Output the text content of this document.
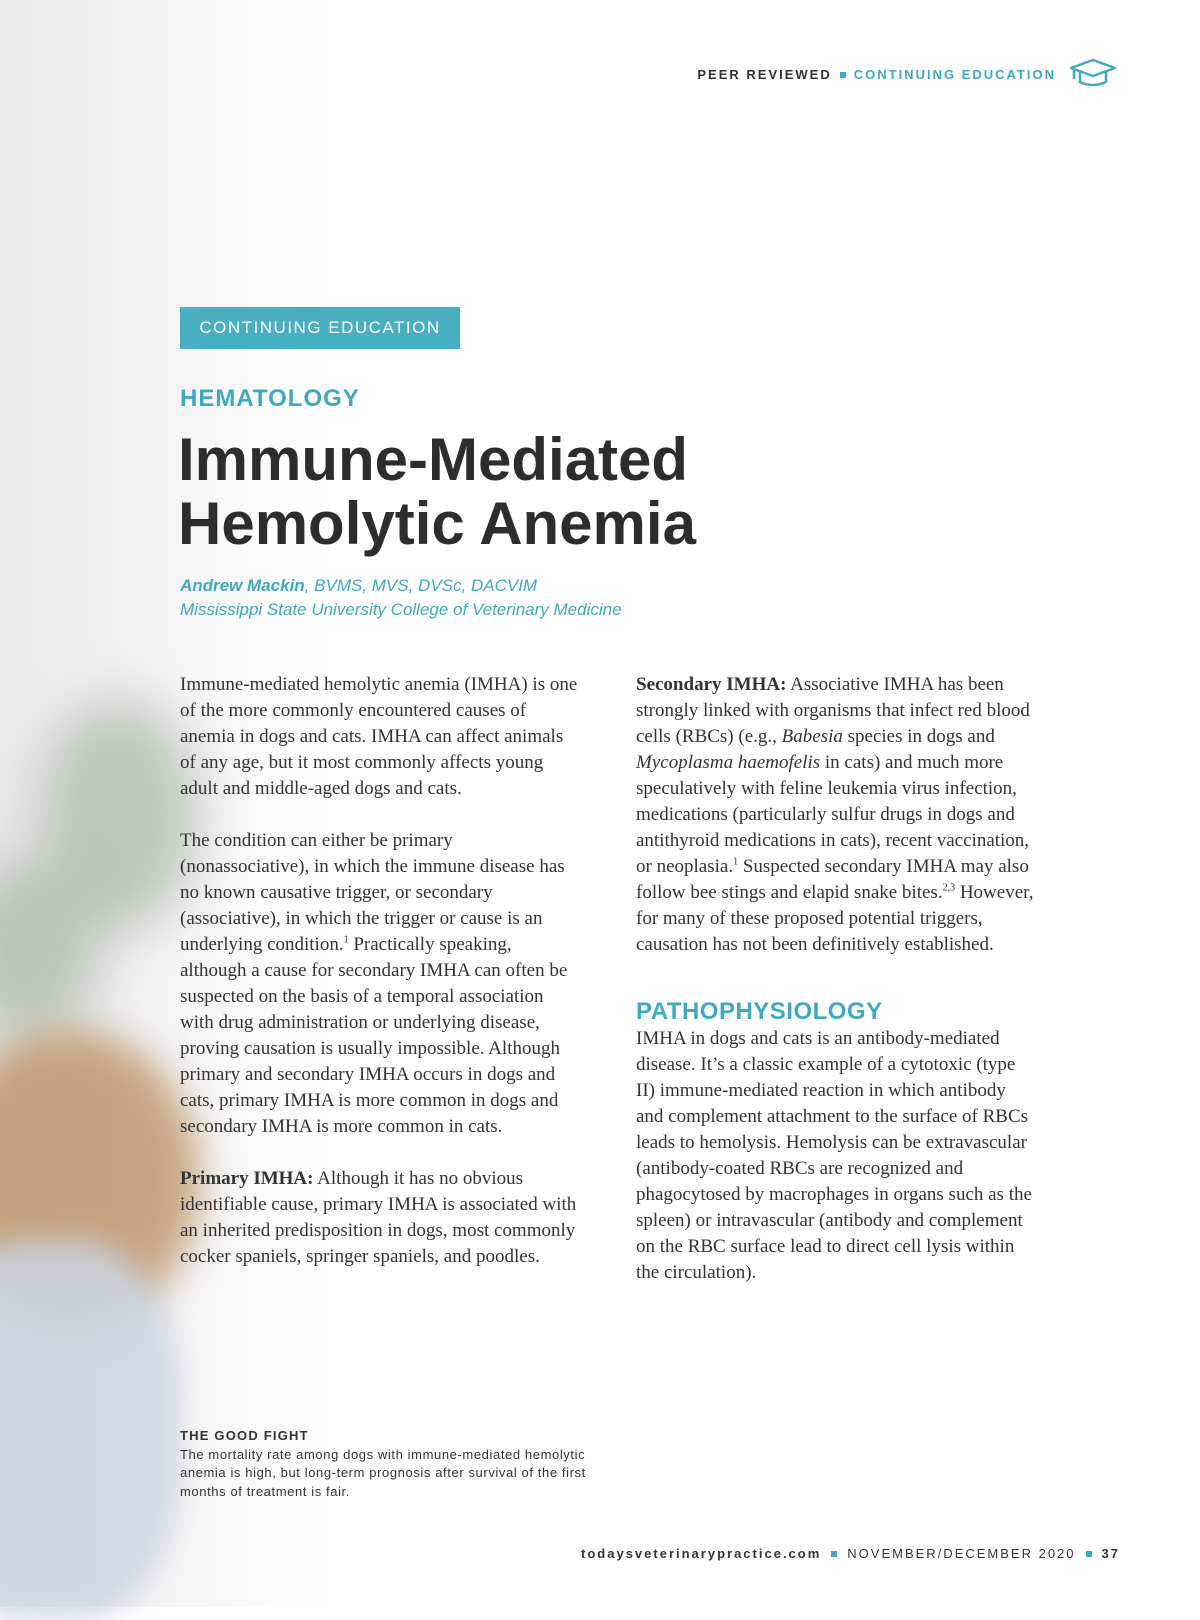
PEER REVIEWED CONTINUING EDUCATION
CONTINUING EDUCATION
HEMATOLOGY
Immune-Mediated
Hemolytic Anemia
Andrew Mackin, BVMS, MVS, DVSc, DACVIM
Mississippi State University College of Veterinary Medicine

Immune-mediated hemolytic anemia (IMHA) is one of the more commonly encountered causes of anemia in dogs and cats. IMHA can affect animals of any age, but it most commonly affects young adult and middle-aged dogs and cats.

The condition can either be primary (nonassociative), in which the immune disease has no known causative trigger, or secondary (associative), in which the trigger or cause is an underlying condition.$^1$ Practically speaking, although a cause for secondary IMHA can often be suspected on the basis of a temporal association with drug administration or underlying disease, proving causation is usually impossible. Although primary and secondary IMHA occurs in dogs and cats, primary IMHA is more common in dogs and secondary IMHA is more common in cats.

Primary IMHA: Although it has no obvious identifiable cause, primary IMHA is associated with an inherited predisposition in dogs, most commonly cocker spaniels, springer spaniels, and poodles.

Secondary IMHA: Associative IMHA has been strongly linked with organisms that infect red blood cells (RBCs) (e.g., Babesia species in dogs and Mycoplasma haemofelis in cats) and much more speculatively with feline leukemia virus infection, medications (particularly sulfur drugs in dogs and antithyroid medications in cats), recent vaccination, or neoplasia.$^1$ Suspected secondary IMHA may also follow bee stings and elapid snake bites.$^{2,3}$ However, for many of these proposed potential triggers, causation has not been definitively established.

PATHOPHYSIOLOGY

IMHA in dogs and cats is an antibody-mediated disease. It’s a classic example of a cytotoxic (type II) immune-mediated reaction in which antibody and complement attachment to the surface of RBCs leads to hemolysis. Hemolysis can be extravascular (antibody-coated RBCs are recognized and phagocytosed by macrophages in organs such as the spleen) or intravascular (antibody and complement on the RBC surface lead to direct cell lysis within the circulation).

THE GOOD FIGHT
The mortality rate among dogs with immune-mediated hemolytic anemia is high, but long-term prognosis after survival of the first months of treatment is fair.
todaysveterinarypractice.com NOVEMBER/DECEMBER 2020 37
